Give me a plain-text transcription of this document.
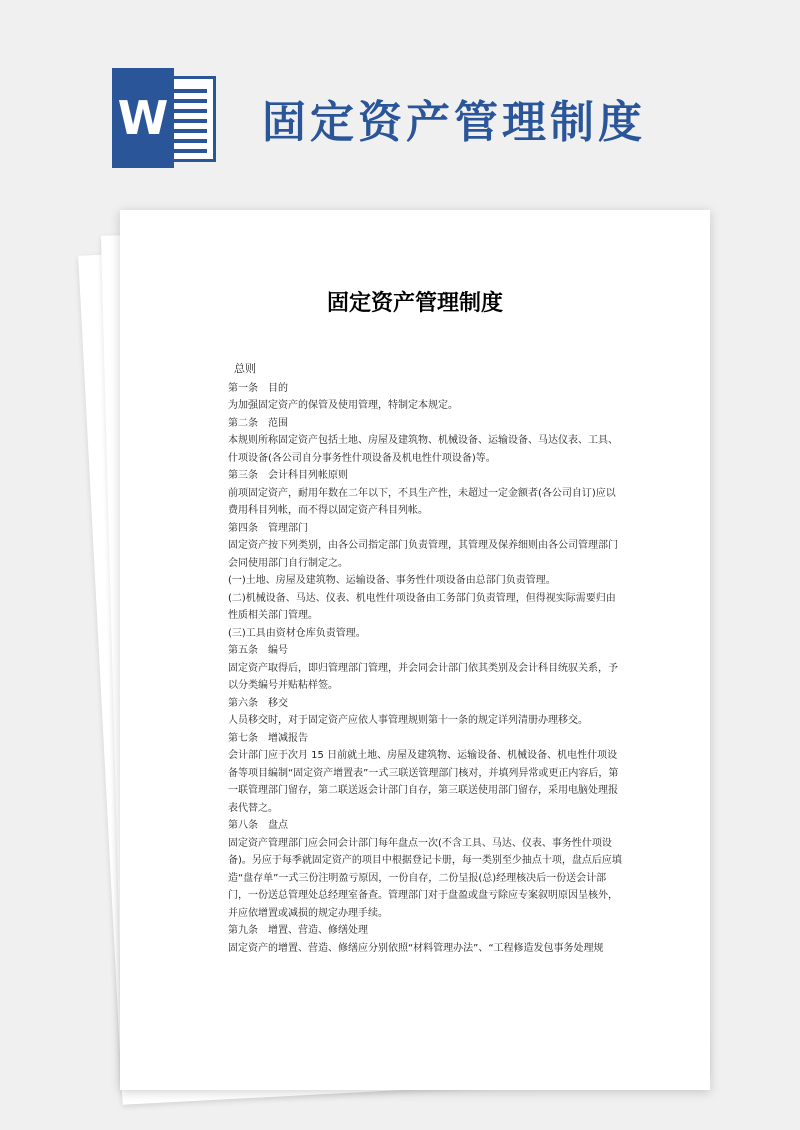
W 固定资产管理制度
固定资产管理制度

总则

第一条　目的

为加强固定资产的保管及使用管理，特制定本规定。

第二条　范围

本规则所称固定资产包括土地、房屋及建筑物、机械设备、运输设备、马达仪表、工具、什项设备(各公司自分事务性什项设备及机电性什项设备)等。

第三条　会计科目列帐原则

前项固定资产，耐用年数在二年以下，不具生产性，未超过一定金额者(各公司自订)应以费用科目列帐，而不得以固定资产科目列帐。

第四条　管理部门

固定资产按下列类别，由各公司指定部门负责管理，其管理及保养细则由各公司管理部门会同使用部门自行制定之。

(一)土地、房屋及建筑物、运输设备、事务性什项设备由总部门负责管理。

(二)机械设备、马达、仪表、机电性什项设备由工务部门负责管理，但得视实际需要归由性质相关部门管理。

(三)工具由资材仓库负责管理。

第五条　编号

固定资产取得后，即归管理部门管理，并会同会计部门依其类别及会计科目统驭关系，予以分类编号并贴粘样签。

第六条　移交

人员移交时，对于固定资产应依人事管理规则第十一条的规定详列清册办理移交。

第七条　增减报告

会计部门应于次月 15 日前就土地、房屋及建筑物、运输设备、机械设备、机电性什项设备等项目编制“固定资产增置表”一式三联送管理部门核对，并填列异常或更正内容后，第一联管理部门留存，第二联送返会计部门自存，第三联送使用部门留存，采用电脑处理报表代替之。

第八条　盘点

固定资产管理部门应会同会计部门每年盘点一次(不含工具、马达、仪表、事务性什项设备)。另应于每季就固定资产的项目中根据登记卡册，每一类别至少抽点十项，盘点后应填造“盘存单”一式三份注明盈亏原因，一份自存，二份呈报(总)经理核决后一份送会计部门，一份送总管理处总经理室备查。管理部门对于盘盈或盘亏除应专案叙明原因呈核外，并应依增置或减损的规定办理手续。

第九条　增置、营造、修缮处理

固定资产的增置、营造、修缮应分别依照“材料管理办法”、“工程修造发包事务处理规
